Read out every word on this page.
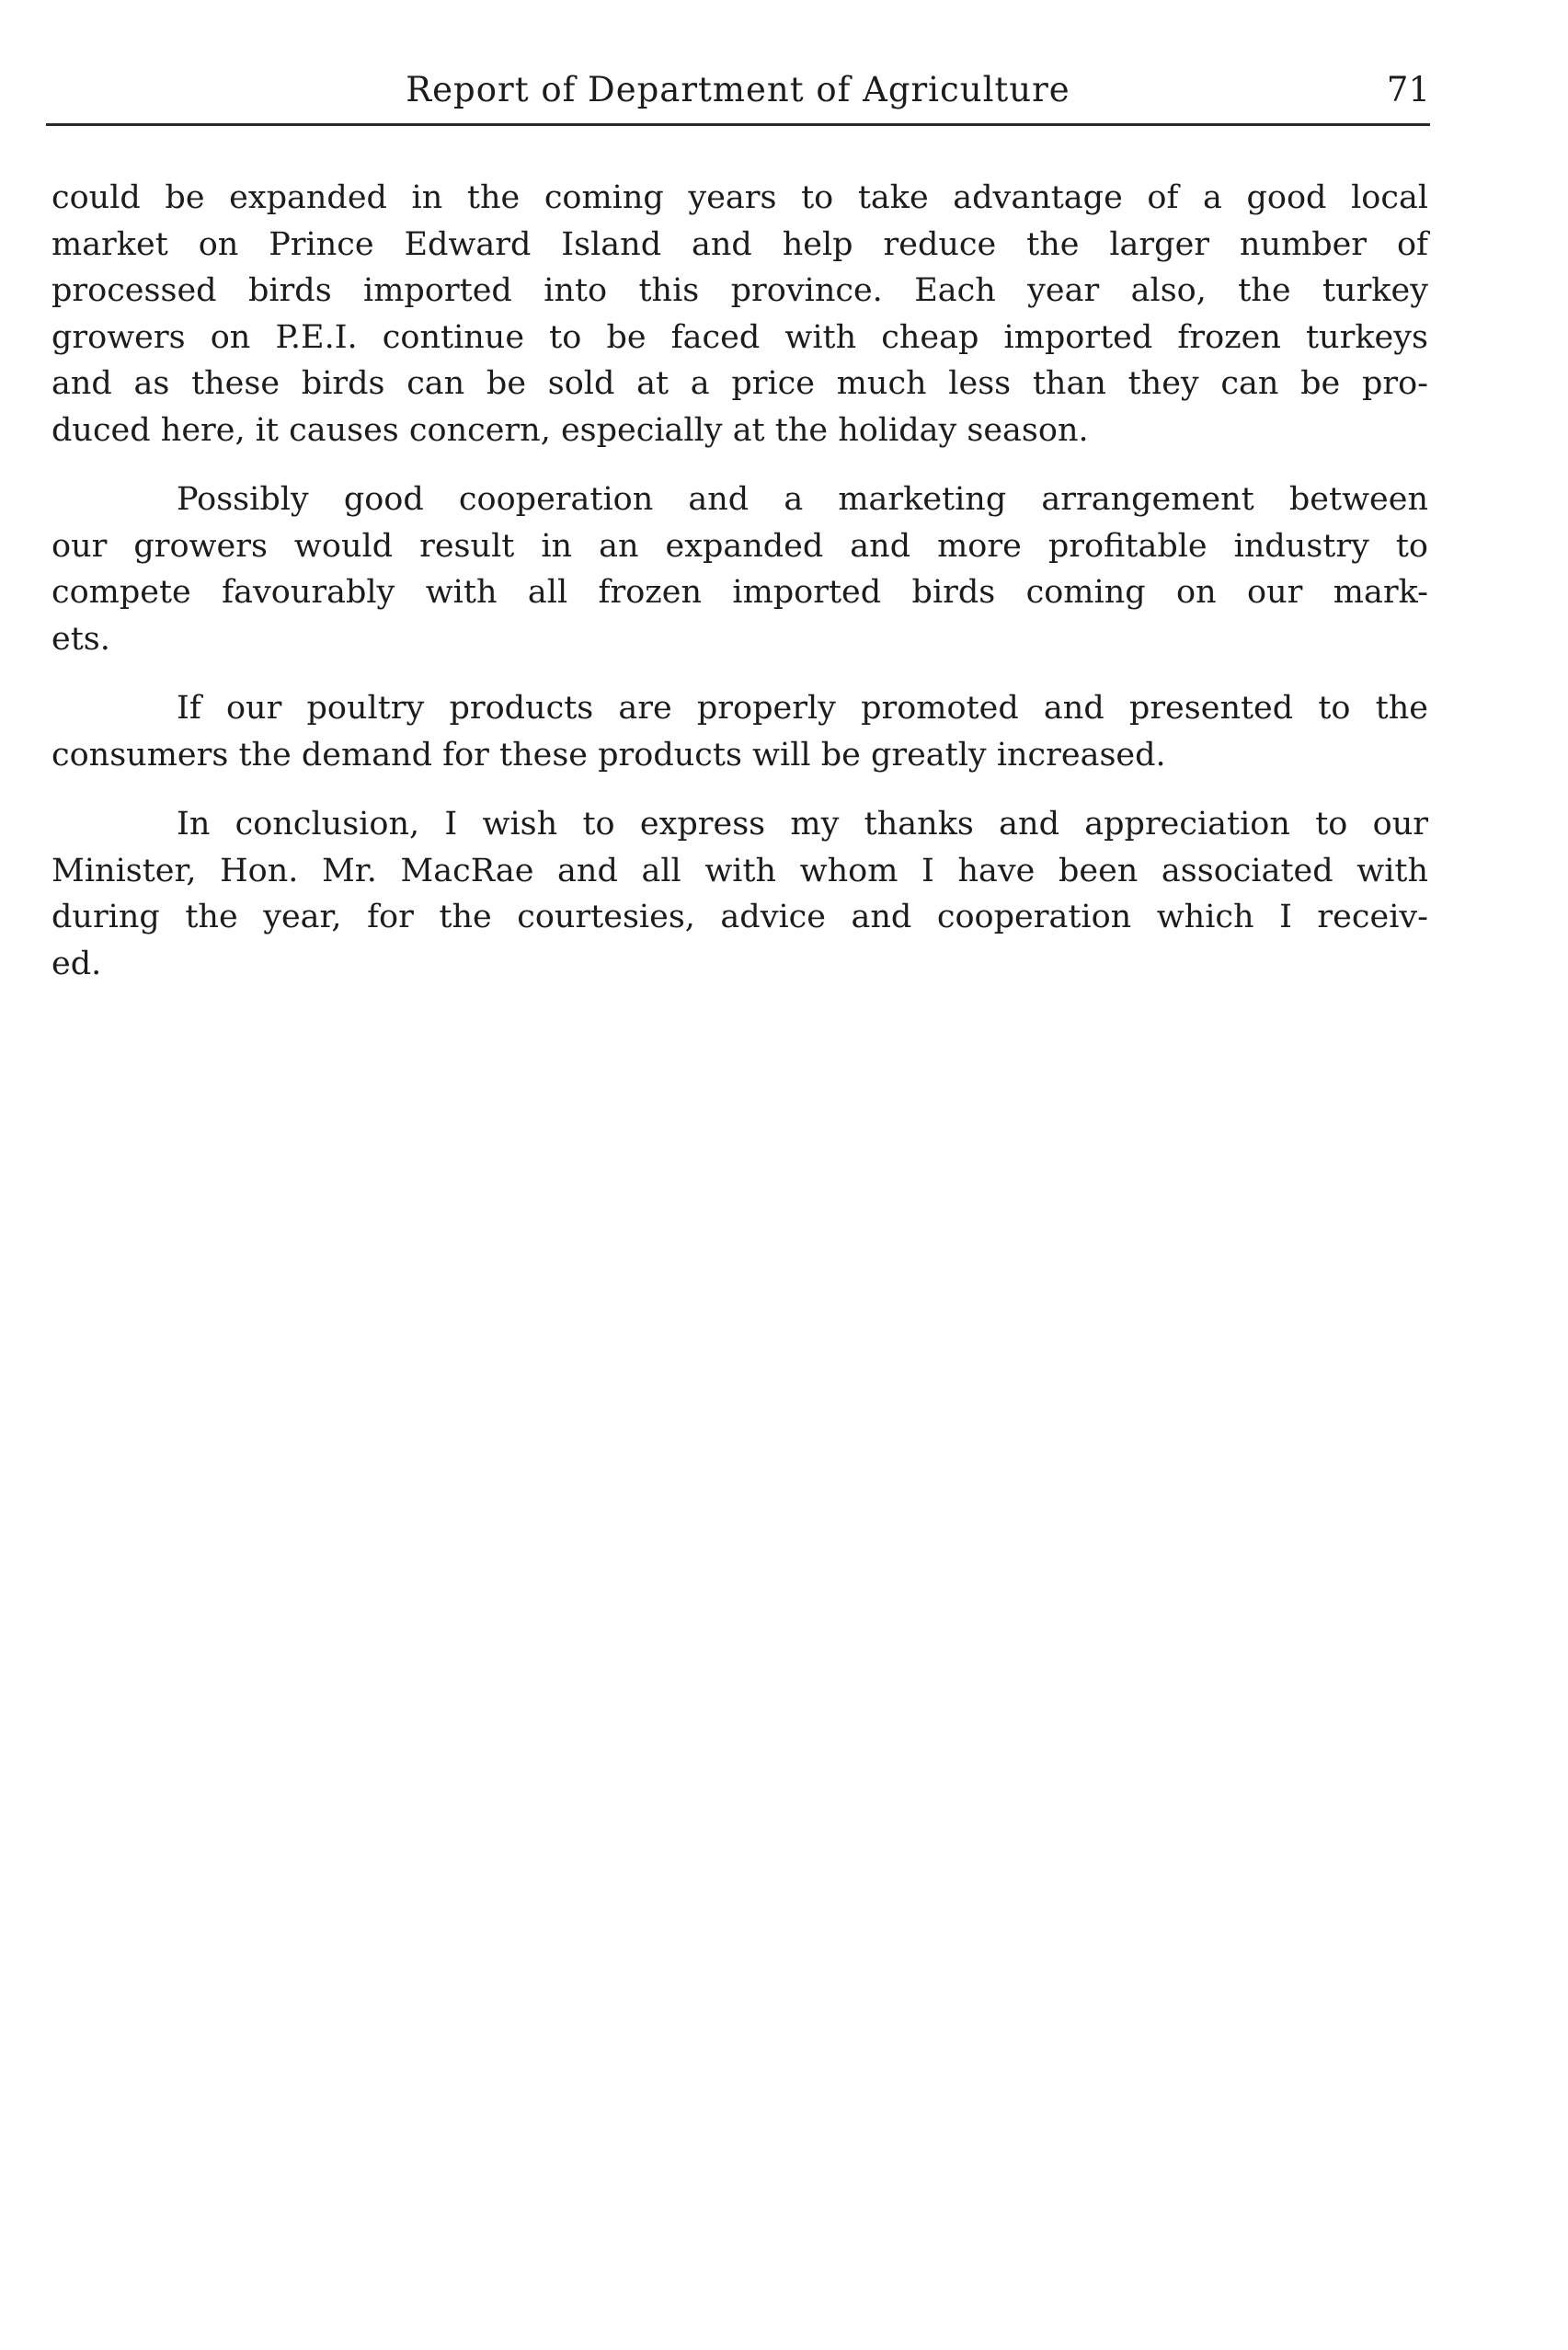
Report of Department of Agriculture	71

could be expanded in the coming years to take advantage of a good local
market on Prince Edward Island and help reduce the larger number of
processed birds imported into this province. Each year also, the turkey
growers on P.E.I. continue to be faced with cheap imported frozen turkeys
and as these birds can be sold at a price much less than they can be pro-
duced here, it causes concern, especially at the holiday season.

Possibly good cooperation and a marketing arrangement between
our growers would result in an expanded and more profitable industry to
compete favourably with all frozen imported birds coming on our mark-
ets.

If our poultry products are properly promoted and presented to the
consumers the demand for these products will be greatly increased.

In conclusion, I wish to express my thanks and appreciation to our
Minister, Hon. Mr. MacRae and all with whom I have been associated with
during the year, for the courtesies, advice and cooperation which I receiv-
ed.
